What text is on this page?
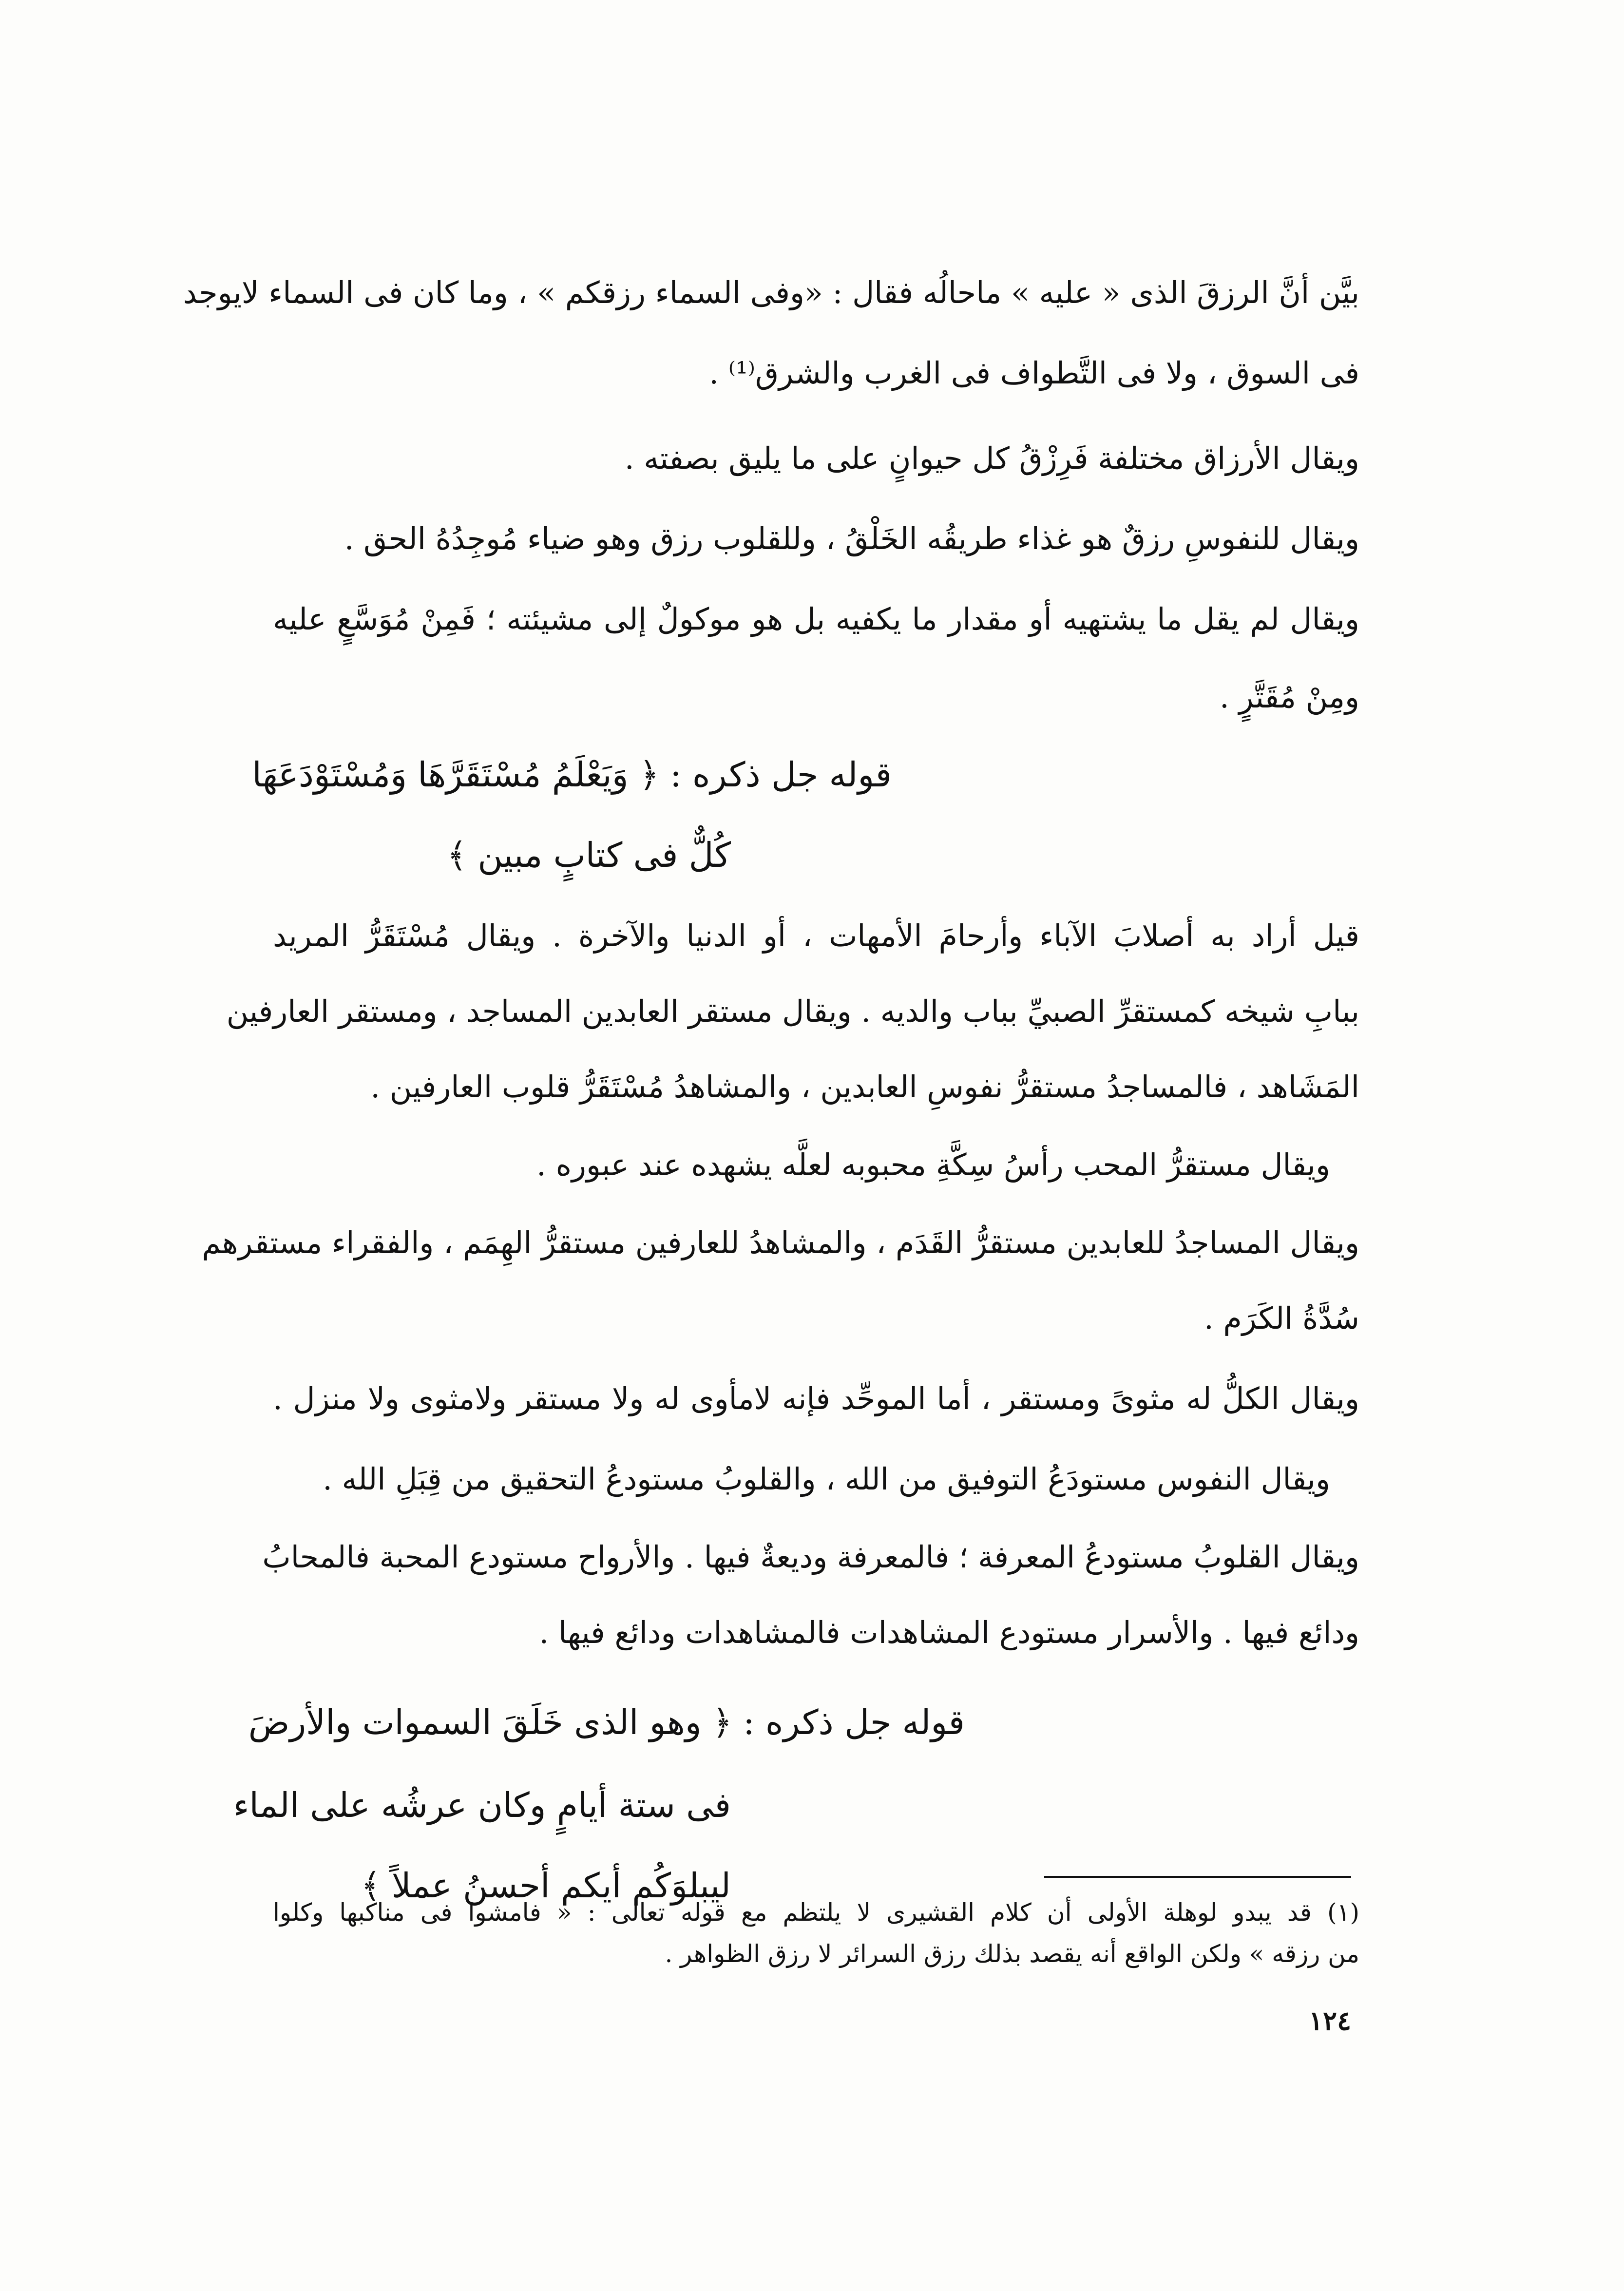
بيَّن أنَّ الرزقَ الذى « عليه » ماحالُه فقال : «وفى السماء رزقكم » ، وما كان فى السماء لايوجد
فى السوق ، ولا فى التَّطواف فى الغرب والشرق⁽¹⁾ .
ويقال الأرزاق مختلفة فَرِزْقُ كل حيوانٍ على ما يليق بصفته .
ويقال للنفوسِ رزقٌ هو غذاء طريقُه الخَلْقُ ، وللقلوب رزق وهو ضياء مُوجِدُهُ الحق .
ويقال لم يقل ما يشتهيه أو مقدار ما يكفيه بل هو موكولٌ إلى مشيئته ؛ فَمِنْ مُوَسَّعٍ عليه
ومِنْ مُقَتَّرٍ .
قوله جل ذكره : ﴿ وَيَعْلَمُ مُسْتَقَرَّهَا وَمُسْتَوْدَعَهَا
كُلٌّ فى كتابٍ مبين ﴾
قيل أراد به أصلابَ الآباء وأرحامَ الأمهات ، أو الدنيا والآخرة . ويقال مُسْتَقَرُّ المريد
ببابِ شيخه كمستقرِّ الصبيِّ بباب والديه . ويقال مستقر العابدين المساجد ، ومستقر العارفين
المَشَاهد ، فالمساجدُ مستقرُّ نفوسِ العابدين ، والمشاهدُ مُسْتَقَرُّ قلوب العارفين .
ويقال مستقرُّ المحب رأسُ سِكَّةِ محبوبه لعلَّه يشهده عند عبوره .
ويقال المساجدُ للعابدين مستقرُّ القَدَم ، والمشاهدُ للعارفين مستقرُّ الهِمَم ، والفقراء مستقرهم
سُدَّةُ الكَرَم .
ويقال الكلُّ له مثوىً ومستقر ، أما الموحِّد فإنه لامأوى له ولا مستقر ولامثوى ولا منزل .
ويقال النفوس مستودَعُ التوفيق من الله ، والقلوبُ مستودعُ التحقيق من قِبَلِ الله .
ويقال القلوبُ مستودعُ المعرفة ؛ فالمعرفة وديعةٌ فيها . والأرواح مستودع المحبة فالمحابُ
ودائع فيها . والأسرار مستودع المشاهدات فالمشاهدات ودائع فيها .
قوله جل ذكره : ﴿ وهو الذى خَلَقَ السموات والأرضَ
فى ستة أيامٍ وكان عرشُه على الماء
ليبلوَكُم أيكم أحسنُ عملاً ﴾
(١) قد يبدو لوهلة الأولى أن كلام القشيرى لا يلتظم مع قوله تعالى : « فامشوا فى مناكبها وكلوا
من رزقه » ولكن الواقع أنه يقصد بذلك رزق السرائر لا رزق الظواهر .
١٢٤
